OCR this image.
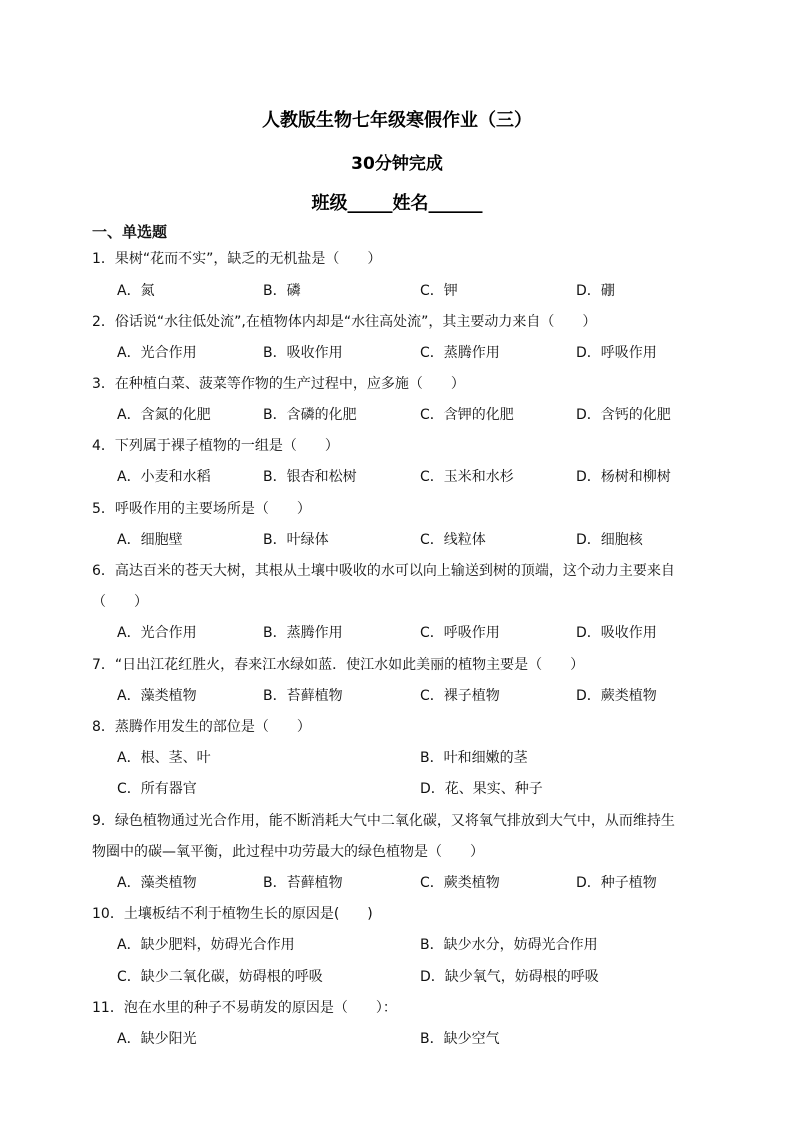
人教版生物七年级寒假作业（三）
30分钟完成
班级_____姓名______
一、单选题
1．果树“花而不实”，缺乏的无机盐是（　　）
A．氮	B．磷	C．钾	D．硼
2．俗话说“水往低处流”,在植物体内却是“水往高处流”，其主要动力来自（　　）
A．光合作用	B．吸收作用	C．蒸腾作用	D．呼吸作用
3．在种植白菜、菠菜等作物的生产过程中，应多施（　　）
A．含氮的化肥	B．含磷的化肥	C．含钾的化肥	D．含钙的化肥
4．下列属于裸子植物的一组是（　　）
A．小麦和水稻	B．银杏和松树	C．玉米和水杉	D．杨树和柳树
5．呼吸作用的主要场所是（　　）
A．细胞壁	B．叶绿体	C．线粒体	D．细胞核
6．高达百米的苍天大树，其根从土壤中吸收的水可以向上输送到树的顶端，这个动力主要来自
（　　）
A．光合作用	B．蒸腾作用	C．呼吸作用	D．吸收作用
7．“日出江花红胜火，春来江水绿如蓝．使江水如此美丽的植物主要是（　　）
A．藻类植物	B．苔藓植物	C．裸子植物	D．蕨类植物
8．蒸腾作用发生的部位是（　　）
A．根、茎、叶	B．叶和细嫩的茎
C．所有器官	D．花、果实、种子
9．绿色植物通过光合作用，能不断消耗大气中二氧化碳，又将氧气排放到大气中，从而维持生
物圈中的碳—氧平衡，此过程中功劳最大的绿色植物是（　　）
A．藻类植物	B．苔藓植物	C．蕨类植物	D．种子植物
10．土壤板结不利于植物生长的原因是(　　)
A．缺少肥料，妨碍光合作用	B．缺少水分，妨碍光合作用
C．缺少二氧化碳，妨碍根的呼吸	D．缺少氧气，妨碍根的呼吸
11．泡在水里的种子不易萌发的原因是（　　）：
A．缺少阳光	B．缺少空气
